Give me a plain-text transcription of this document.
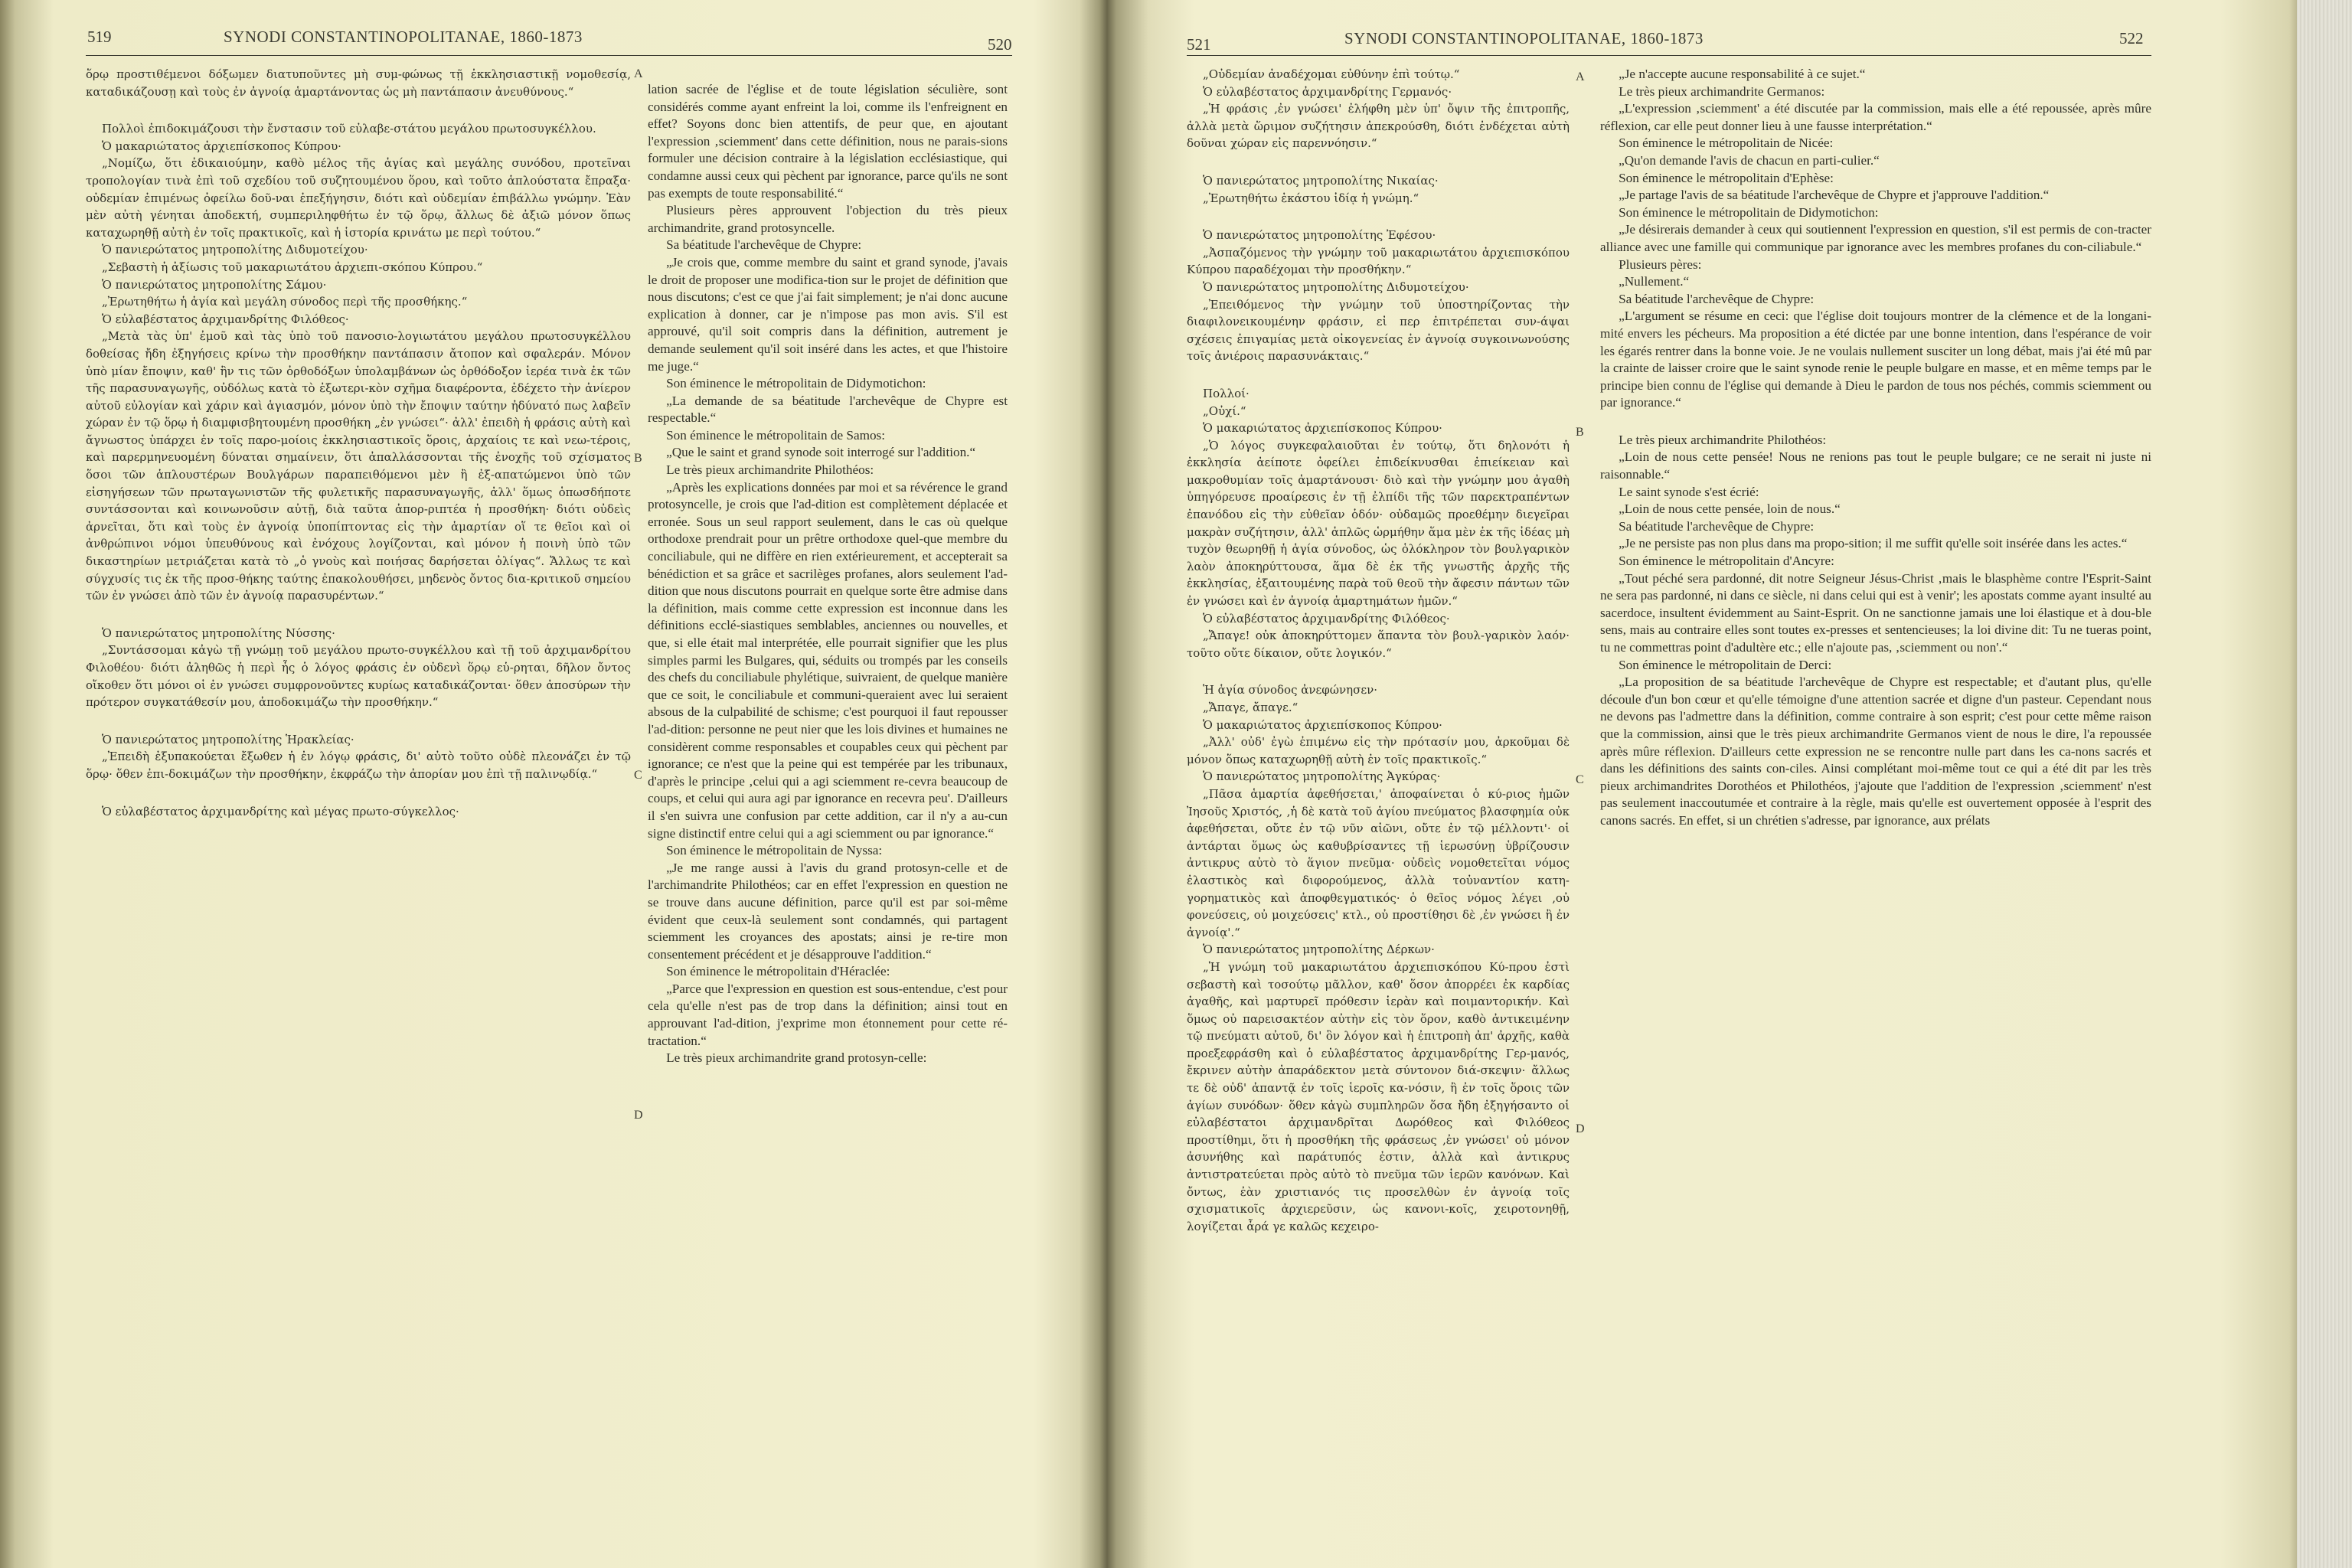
SYNODI CONSTANTINOPOLITANAE, 1860-1873
519	520

ὅρῳ προστιθέμενοι δόξωμεν διατυποῦντες μὴ συμ-φώνως τῇ ἐκκλησιαστικῇ νομοθεσίᾳ, καταδικάζουσῃ καὶ τοὺς ἐν ἀγνοίᾳ ἁμαρτάνοντας ὡς μὴ παντάπασιν ἀνευθύνους.“

Πολλοὶ ἐπιδοκιμάζουσι τὴν ἔνστασιν τοῦ εὐλαβε-στάτου μεγάλου πρωτοσυγκέλλου.

Ὁ μακαριώτατος ἀρχιεπίσκοπος Κύπρου·

„Νομίζω, ὅτι ἐδικαιούμην, καθὸ μέλος τῆς ἁγίας καὶ μεγάλης συνόδου, προτεῖναι τροπολογίαν τινὰ ἐπὶ τοῦ σχεδίου τοῦ συζητουμένου ὅρου, καὶ τοῦτο ἁπλούστατα ἔπραξα· οὐδεμίαν ἐπιμένως ὀφείλω δοῦ-ναι ἐπεξήγησιν, διότι καὶ οὐδεμίαν ἐπιβάλλω γνώμην. Ἐὰν μὲν αὐτὴ γένηται ἀποδεκτή, συμπεριληφθήτω ἐν τῷ ὅρῳ, ἄλλως δὲ ἀξιῶ μόνον ὅπως καταχωρηθῇ αὐτὴ ἐν τοῖς πρακτικοῖς, καὶ ἡ ἱστορία κρινάτω με περὶ τούτου.“

Ὁ πανιερώτατος μητροπολίτης Διδυμοτείχου·

„Σεβαστὴ ἡ ἀξίωσις τοῦ μακαριωτάτου ἀρχιεπι-σκόπου Κύπρου.“

Ὁ πανιερώτατος μητροπολίτης Σάμου·

„Ἐρωτηθήτω ἡ ἁγία καὶ μεγάλη σύνοδος περὶ τῆς προσθήκης.“

Ὁ εὐλαβέστατος ἀρχιμανδρίτης Φιλόθεος·

„Μετὰ τὰς ὑπ' ἐμοῦ καὶ τὰς ὑπὸ τοῦ πανοσιο-λογιωτάτου μεγάλου πρωτοσυγκέλλου δοθείσας ἤδη ἐξηγήσεις κρίνω τὴν προσθήκην παντάπασιν ἄτοπον καὶ σφαλεράν. Μόνον ὑπὸ μίαν ἔποψιν, καθ' ἣν τις τῶν ὀρθοδόξων ὑπολαμβάνων ὡς ὀρθόδοξον ἱερέα τινὰ ἐκ τῶν τῆς παρασυναγωγῆς, οὐδόλως κατὰ τὸ ἐξωτερι-κὸν σχῆμα διαφέροντα, ἐδέχετο τὴν ἀνίερον αὐτοῦ εὐλογίαν καὶ χάριν καὶ ἁγιασμόν, μόνον ὑπὸ τὴν ἔποψιν ταύτην ἠδύνατό πως λαβεῖν χώραν ἐν τῷ ὅρῳ ἡ διαμφισβητουμένη προσθήκη „ἐν γνώσει“· ἀλλ' ἐπειδὴ ἡ φράσις αὐτὴ καὶ ἄγνωστος ὑπάρχει ἐν τοῖς παρο-μοίοις ἐκκλησιαστικοῖς ὅροις, ἀρχαίοις τε καὶ νεω-τέροις, καὶ παρερμηνευομένη δύναται σημαίνειν, ὅτι ἀπαλλάσσονται τῆς ἐνοχῆς τοῦ σχίσματος ὅσοι τῶν ἁπλουστέρων Βουλγάρων παραπειθόμενοι μὲν ἢ ἐξ-απατώμενοι ὑπὸ τῶν εἰσηγήσεων τῶν πρωταγωνιστῶν τῆς φυλετικῆς παρασυναγωγῆς, ἀλλ' ὅμως ὁπωσδήποτε συντάσσονται καὶ κοινωνοῦσιν αὐτῇ, διὰ ταῦτα ἀπορ-ριπτέα ἡ προσθήκη· διότι οὐδεὶς ἀρνεῖται, ὅτι καὶ τοὺς ἐν ἀγνοίᾳ ὑποπίπτοντας εἰς τὴν ἁμαρτίαν οἵ τε θεῖοι καὶ οἱ ἀνθρώπινοι νόμοι ὑπευθύνους καὶ ἐνόχους λογίζονται, καὶ μόνον ἡ ποινὴ ὑπὸ τῶν δικαστηρίων μετριάζεται κατὰ τὸ „ὁ γνοὺς καὶ ποιήσας δαρήσεται ὀλίγας“. Ἄλλως τε καὶ σύγχυσίς τις ἐκ τῆς προσ-θήκης ταύτης ἐπακολουθήσει, μηδενὸς ὄντος δια-κριτικοῦ σημείου τῶν ἐν γνώσει ἀπὸ τῶν ἐν ἀγνοίᾳ παρασυρέντων.“

Ὁ πανιερώτατος μητροπολίτης Νύσσης·

„Συντάσσομαι κἀγὼ τῇ γνώμῃ τοῦ μεγάλου πρωτο-συγκέλλου καὶ τῇ τοῦ ἀρχιμανδρίτου Φιλοθέου· διότι ἀληθῶς ἡ περὶ ἧς ὁ λόγος φράσις ἐν οὐδενὶ ὅρῳ εὑ-ρηται, δῆλον ὄντος οἴκοθεν ὅτι μόνοι οἱ ἐν γνώσει συμφρονοῦντες κυρίως καταδικάζονται· ὅθεν ἀποσύρων τὴν πρότερον συγκατάθεσίν μου, ἀποδοκιμάζω τὴν προσθήκην.“

Ὁ πανιερώτατος μητροπολίτης Ἡρακλείας·

„Ἐπειδὴ ἐξυπακούεται ἔξωθεν ἡ ἐν λόγῳ φράσις, δι' αὐτὸ τοῦτο οὐδὲ πλεονάζει ἐν τῷ ὅρῳ· ὅθεν ἐπι-δοκιμάζων τὴν προσθήκην, ἐκφράζω τὴν ἀπορίαν μου ἐπὶ τῇ παλινῳδίᾳ.“

Ὁ εὐλαβέστατος ἀρχιμανδρίτης καὶ μέγας πρωτο-σύγκελλος·

lation sacrée de l'église et de toute législation séculière, sont considérés comme ayant enfreint la loi, comme ils l'enfreignent en effet? Soyons donc bien attentifs, de peur que, en ajoutant l'expression ‚sciemment' dans cette définition, nous ne parais-sions formuler une décision contraire à la législation ecclésiastique, qui condamne aussi ceux qui pèchent par ignorance, parce qu'ils ne sont pas exempts de toute responsabilité.“

Plusieurs pères approuvent l'objection du très pieux archimandrite, grand protosyncelle.

Sa béatitude l'archevêque de Chypre:

„Je crois que, comme membre du saint et grand synode, j'avais le droit de proposer une modifica-tion sur le projet de définition que nous discutons; c'est ce que j'ai fait simplement; je n'ai donc aucune explication à donner, car je n'impose pas mon avis. S'il est approuvé, qu'il soit compris dans la définition, autrement je demande seulement qu'il soit inséré dans les actes, et que l'histoire me juge.“

Son éminence le métropolitain de Didymotichon:

„La demande de sa béatitude l'archevêque de Chypre est respectable.“

Son éminence le métropolitain de Samos:

„Que le saint et grand synode soit interrogé sur l'addition.“

Le très pieux archimandrite Philothéos:

„Après les explications données par moi et sa révérence le grand protosyncelle, je crois que l'ad-dition est complètement déplacée et erronée. Sous un seul rapport seulement, dans le cas où quelque orthodoxe prendrait pour un prêtre orthodoxe quel-que membre du conciliabule, qui ne diffère en rien extérieurement, et accepterait sa bénédiction et sa grâce et sacrilèges profanes, alors seulement l'ad-dition que nous discutons pourrait en quelque sorte être admise dans la définition, mais comme cette expression est inconnue dans les définitions ecclé-siastiques semblables, anciennes ou nouvelles, et que, si elle était mal interprétée, elle pourrait signifier que les plus simples parmi les Bulgares, qui, séduits ou trompés par les conseils des chefs du conciliabule phylétique, suivraient, de quelque manière que ce soit, le conciliabule et communi-queraient avec lui seraient absous de la culpabilité de schisme; c'est pourquoi il faut repousser l'ad-dition: personne ne peut nier que les lois divines et humaines ne considèrent comme responsables et coupables ceux qui pèchent par ignorance; ce n'est que la peine qui est tempérée par les tribunaux, d'après le principe ‚celui qui a agi sciemment re-cevra beaucoup de coups, et celui qui aura agi par ignorance en recevra peu'. D'ailleurs il s'en suivra une confusion par cette addition, car il n'y a au-cun signe distinctif entre celui qui a agi sciemment ou par ignorance.“

Son éminence le métropolitain de Nyssa:

„Je me range aussi à l'avis du grand protosyn-celle et de l'archimandrite Philothéos; car en effet l'expression en question ne se trouve dans aucune définition, parce qu'il est par soi-même évident que ceux-là seulement sont condamnés, qui partagent sciemment les croyances des apostats; ainsi je re-tire mon consentement précédent et je désapprouve l'addition.“

Son éminence le métropolitain d'Héraclée:

„Parce que l'expression en question est sous-entendue, c'est pour cela qu'elle n'est pas de trop dans la définition; ainsi tout en approuvant l'ad-dition, j'exprime mon étonnement pour cette ré-tractation.“

Le très pieux archimandrite grand protosyn-celle:

A
B
C
D
521	SYNODI CONSTANTINOPOLITANAE, 1860-1873	522

„Οὐδεμίαν ἀναδέχομαι εὐθύνην ἐπὶ τούτῳ.“

Ὁ εὐλαβέστατος ἀρχιμανδρίτης Γερμανός·

„Ἡ φράσις ‚ἐν γνώσει' ἐλήφθη μὲν ὑπ' ὄψιν τῆς ἐπιτροπῆς, ἀλλὰ μετὰ ὥριμον συζήτησιν ἀπεκρούσθη, διότι ἐνδέχεται αὐτὴ δοῦναι χώραν εἰς παρεννόησιν.“

Ὁ πανιερώτατος μητροπολίτης Νικαίας·

„Ἐρωτηθήτω ἑκάστου ἰδίᾳ ἡ γνώμη.“

Ὁ πανιερώτατος μητροπολίτης Ἐφέσου·

„Ἀσπαζόμενος τὴν γνώμην τοῦ μακαριωτάτου ἀρχιεπισκόπου Κύπρου παραδέχομαι τὴν προσθήκην.“

Ὁ πανιερώτατος μητροπολίτης Διδυμοτείχου·

„Ἐπειθόμενος τὴν γνώμην τοῦ ὑποστηρίζοντας τὴν διαφιλονεικουμένην φράσιν, εἰ περ ἐπιτρέπεται συν-άψαι σχέσεις ἐπιγαμίας μετὰ οἰκογενείας ἐν ἀγνοίᾳ συγκοινωνούσης τοῖς ἀνιέροις παρασυνάκταις.“

Πολλοί·

„Οὐχί.“

Ὁ μακαριώτατος ἀρχιεπίσκοπος Κύπρου·

„Ὁ λόγος συγκεφαλαιοῦται ἐν τούτῳ, ὅτι δηλονότι ἡ ἐκκλησία ἀείποτε ὀφείλει ἐπιδείκνυσθαι ἐπιείκειαν καὶ μακροθυμίαν τοῖς ἁμαρτάνουσι· διὸ καὶ τὴν γνώμην μου ἀγαθὴ ὑπηγόρευσε προαίρεσις ἐν τῇ ἐλπίδι τῆς τῶν παρεκτραπέντων ἐπανόδου εἰς τὴν εὐθεῖαν ὁδόν· οὐδαμῶς προεθέμην διεγεῖραι μακρὰν συζήτησιν, ἀλλ' ἁπλῶς ὡρμήθην ἅμα μὲν ἐκ τῆς ἰδέας μὴ τυχὸν θεωρηθῇ ἡ ἁγία σύνοδος, ὡς ὁλόκληρον τὸν βουλγαρικὸν λαὸν ἀποκηρύττουσα, ἅμα δὲ ἐκ τῆς γνωστῆς ἀρχῆς τῆς ἐκκλησίας, ἐξαιτουμένης παρὰ τοῦ θεοῦ τὴν ἄφεσιν πάντων τῶν ἐν γνώσει καὶ ἐν ἀγνοίᾳ ἁμαρτημάτων ἡμῶν.“

Ὁ εὐλαβέστατος ἀρχιμανδρίτης Φιλόθεος·

„Ἄπαγε! οὐκ ἀποκηρύττομεν ἅπαντα τὸν βουλ-γαρικὸν λαόν· τοῦτο οὔτε δίκαιον, οὔτε λογικόν.“

Ἡ ἁγία σύνοδος ἀνεφώνησεν·

„Ἄπαγε, ἄπαγε.“

Ὁ μακαριώτατος ἀρχιεπίσκοπος Κύπρου·

„Ἀλλ' οὐδ' ἐγὼ ἐπιμένω εἰς τὴν πρότασίν μου, ἀρκοῦμαι δὲ μόνον ὅπως καταχωρηθῇ αὐτὴ ἐν τοῖς πρακτικοῖς.“

Ὁ πανιερώτατος μητροπολίτης Ἀγκύρας·

„Πᾶσα ἁμαρτία ἀφεθήσεται,' ἀποφαίνεται ὁ κύ-ριος ἡμῶν Ἰησοῦς Χριστός, ‚ἡ δὲ κατὰ τοῦ ἁγίου πνεύματος βλασφημία οὐκ ἀφεθήσεται, οὔτε ἐν τῷ νῦν αἰῶνι, οὔτε ἐν τῷ μέλλοντι'· οἱ ἀντάρται ὅμως ὡς καθυβρίσαντες τῇ ἱερωσύνῃ ὑβρίζουσιν ἀντικρυς αὐτὸ τὸ ἅγιον πνεῦμα· οὐδεὶς νομοθετεῖται νόμος ἐλαστικὸς καὶ διφορούμενος, ἀλλὰ τοὐναντίον κατη-γορηματικὸς καὶ ἀποφθεγματικός· ὁ θεῖος νόμος λέγει ‚οὐ φονεύσεις, οὐ μοιχεύσεις' κτλ., οὐ προστίθησι δὲ ‚ἐν γνώσει ἢ ἐν ἀγνοίᾳ'.“

Ὁ πανιερώτατος μητροπολίτης Δέρκων·

„Ἡ γνώμη τοῦ μακαριωτάτου ἀρχιεπισκόπου Κύ-πρου ἐστὶ σεβαστὴ καὶ τοσούτῳ μᾶλλον, καθ' ὅσον ἀπορρέει ἐκ καρδίας ἀγαθῆς, καὶ μαρτυρεῖ πρόθεσιν ἱερὰν καὶ ποιμαντορικήν. Καὶ ὅμως οὐ παρεισακτέον αὐτὴν εἰς τὸν ὅρον, καθὸ ἀντικειμένην τῷ πνεύματι αὐτοῦ, δι' ὃν λόγον καὶ ἡ ἐπιτροπὴ ἀπ' ἀρχῆς, καθὰ προεξεφράσθη καὶ ὁ εὐλαβέστατος ἀρχιμανδρίτης Γερ-μανός, ἔκρινεν αὐτὴν ἀπαράδεκτον μετὰ σύντονον διά-σκεψιν· ἄλλως τε δὲ οὐδ' ἀπαντᾷ ἐν τοῖς ἱεροῖς κα-νόσιν, ἢ ἐν τοῖς ὅροις τῶν ἁγίων συνόδων· ὅθεν κἀγὼ συμπληρῶν ὅσα ἤδη ἐξηγήσαντο οἱ εὐλαβέστατοι ἀρχιμανδρῖται Δωρόθεος καὶ Φιλόθεος προστίθημι, ὅτι ἡ προσθήκη τῆς φράσεως ‚ἐν γνώσει' οὐ μόνον ἀσυνήθης καὶ παράτυπός ἐστιν, ἀλλὰ καὶ ἀντικρυς ἀντιστρατεύεται πρὸς αὐτὸ τὸ πνεῦμα τῶν ἱερῶν κανόνων. Καὶ ὄντως, ἐὰν χριστιανός τις προσελθὼν ἐν ἀγνοίᾳ τοῖς σχισματικοῖς ἀρχιερεῦσιν, ὡς κανονι-κοῖς, χειροτονηθῇ, λογίζεται ἆρά γε καλῶς κεχειρο-

„Je n'accepte aucune responsabilité à ce sujet.“

Le très pieux archimandrite Germanos:

„L'expression ‚sciemment' a été discutée par la commission, mais elle a été repoussée, après mûre réflexion, car elle peut donner lieu à une fausse interprétation.“

Son éminence le métropolitain de Nicée:

„Qu'on demande l'avis de chacun en parti-culier.“

Son éminence le métropolitain d'Ephèse:

„Je partage l'avis de sa béatitude l'archevêque de Chypre et j'approuve l'addition.“

Son éminence le métropolitain de Didymotichon:

„Je désirerais demander à ceux qui soutiennent l'expression en question, s'il est permis de con-tracter alliance avec une famille qui communique par ignorance avec les membres profanes du con-ciliabule.“

Plusieurs pères:

„Nullement.“

Sa béatitude l'archevêque de Chypre:

„L'argument se résume en ceci: que l'église doit toujours montrer de la clémence et de la longani-mité envers les pécheurs. Ma proposition a été dictée par une bonne intention, dans l'espérance de voir les égarés rentrer dans la bonne voie. Je ne voulais nullement susciter un long débat, mais j'ai été mû par la crainte de laisser croire que le saint synode renie le peuple bulgare en masse, et en même temps par le principe bien connu de l'église qui demande à Dieu le pardon de tous nos péchés, commis sciemment ou par ignorance.“

Le très pieux archimandrite Philothéos:

„Loin de nous cette pensée! Nous ne renions pas tout le peuple bulgare; ce ne serait ni juste ni raisonnable.“

Le saint synode s'est écrié:

„Loin de nous cette pensée, loin de nous.“

Sa béatitude l'archevêque de Chypre:

„Je ne persiste pas non plus dans ma propo-sition; il me suffit qu'elle soit insérée dans les actes.“

Son éminence le métropolitain d'Ancyre:

„Tout péché sera pardonné, dit notre Seigneur Jésus-Christ ‚mais le blasphème contre l'Esprit-Saint ne sera pas pardonné, ni dans ce siècle, ni dans celui qui est à venir'; les apostats comme ayant insulté au sacerdoce, insultent évidemment au Saint-Esprit. On ne sanctionne jamais une loi élastique et à dou-ble sens, mais au contraire elles sont toutes ex-presses et sentencieuses; la loi divine dit: Tu ne tueras point, tu ne commettras point d'adultère etc.; elle n'ajoute pas, ‚sciemment ou non'.“

Son éminence le métropolitain de Derci:

„La proposition de sa béatitude l'archevêque de Chypre est respectable; et d'autant plus, qu'elle découle d'un bon cœur et qu'elle témoigne d'une attention sacrée et digne d'un pasteur. Cependant nous ne devons pas l'admettre dans la définition, comme contraire à son esprit; c'est pour cette même raison que la commission, ainsi que le très pieux archimandrite Germanos vient de nous le dire, l'a repoussée après mûre réflexion. D'ailleurs cette expression ne se rencontre nulle part dans les ca-nons sacrés et dans les définitions des saints con-ciles. Ainsi complétant moi-même tout ce qui a été dit par les très pieux archimandrites Dorothéos et Philothéos, j'ajoute que l'addition de l'expression ‚sciemment' n'est pas seulement inaccoutumée et contraire à la règle, mais qu'elle est ouvertement opposée à l'esprit des canons sacrés. En effet, si un chrétien s'adresse, par ignorance, aux prélats

A
B
C
D
